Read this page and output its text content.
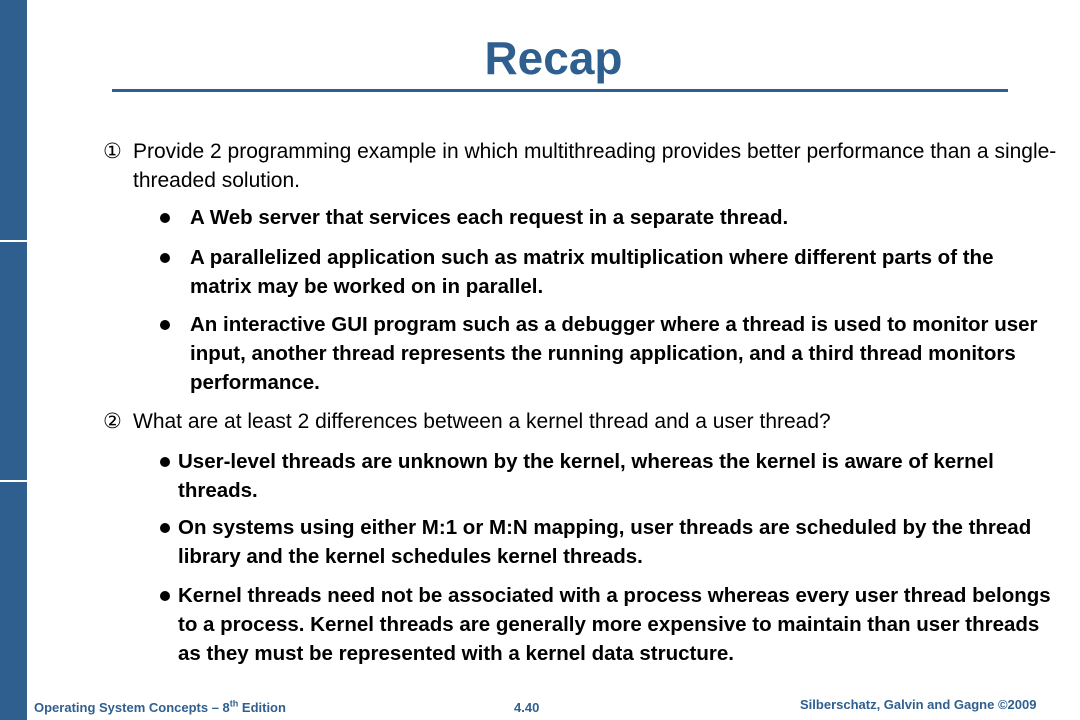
Recap
① Provide 2 programming example in which multithreading provides better performance than a single-threaded solution.
A Web server that services each request in a separate thread.
A parallelized application such as matrix multiplication where different parts of the matrix may be worked on in parallel.
An interactive GUI program such as a debugger where a thread is used to monitor user input, another thread represents the running application, and a third thread monitors performance.
② What are at least 2 differences between a kernel thread and a user thread?
User-level threads are unknown by the kernel, whereas the kernel is aware of kernel threads.
On systems using either M:1 or M:N mapping, user threads are scheduled by the thread library and the kernel schedules kernel threads.
Kernel threads need not be associated with a process whereas every user thread belongs to a process. Kernel threads are generally more expensive to maintain than user threads as they must be represented with a kernel data structure.
Operating System Concepts – 8th Edition	4.40	Silberschatz, Galvin and Gagne ©2009
